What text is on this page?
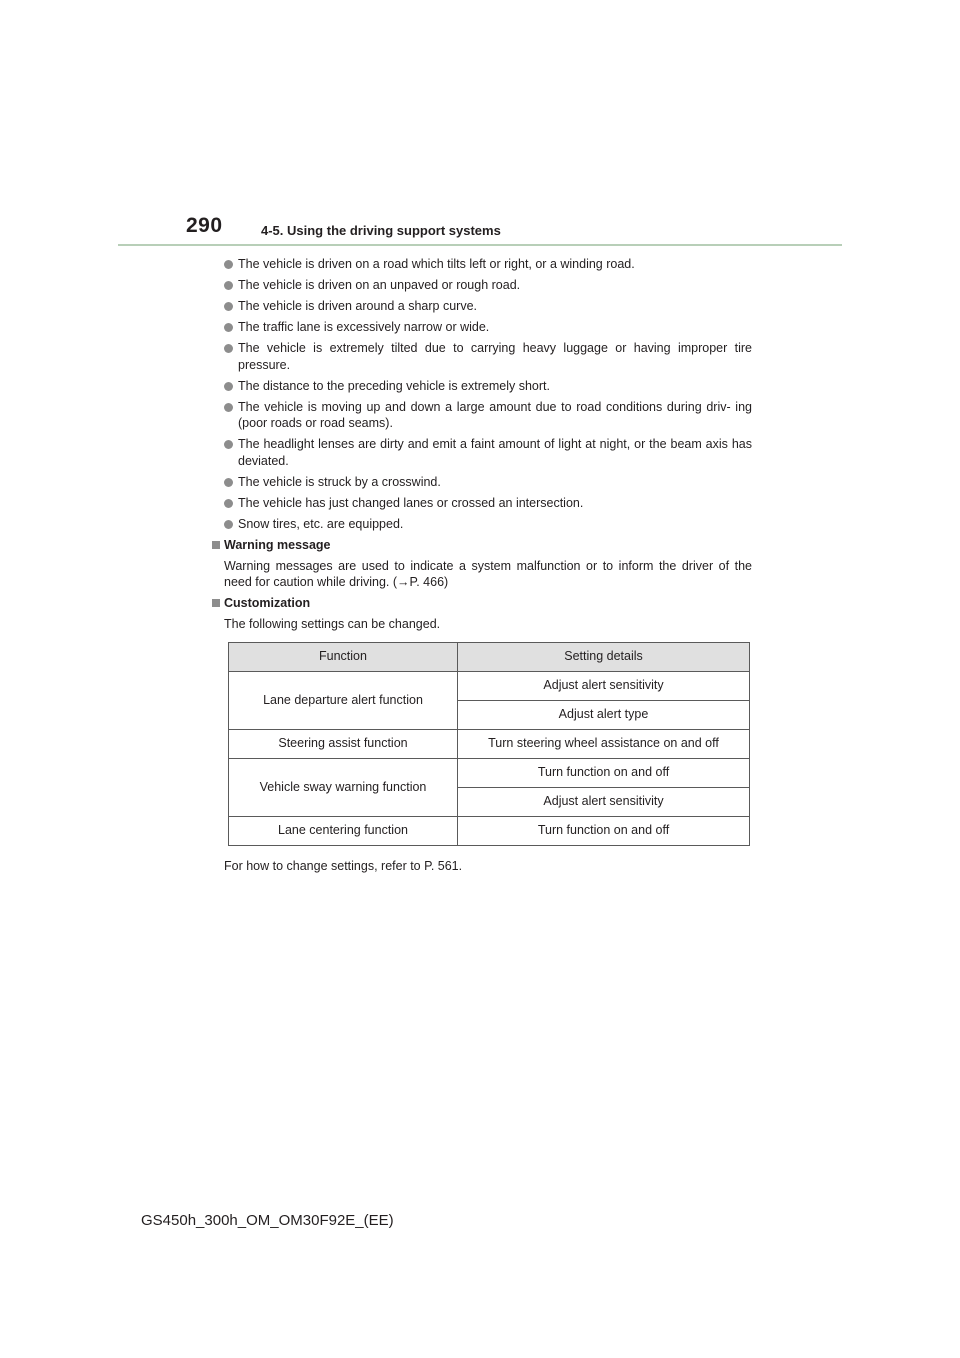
290	4-5. Using the driving support systems
The vehicle is driven on a road which tilts left or right, or a winding road.
The vehicle is driven on an unpaved or rough road.
The vehicle is driven around a sharp curve.
The traffic lane is excessively narrow or wide.
The vehicle is extremely tilted due to carrying heavy luggage or having improper tire pressure.
The distance to the preceding vehicle is extremely short.
The vehicle is moving up and down a large amount due to road conditions during driv- ing (poor roads or road seams).
The headlight lenses are dirty and emit a faint amount of light at night, or the beam axis has deviated.
The vehicle is struck by a crosswind.
The vehicle has just changed lanes or crossed an intersection.
Snow tires, etc. are equipped.
Warning message
Warning messages are used to indicate a system malfunction or to inform the driver of the need for caution while driving. (→P. 466)
Customization
The following settings can be changed.
Function	Setting details
Lane departure alert function	Adjust alert sensitivity
	Adjust alert type
Steering assist function	Turn steering wheel assistance on and off
Vehicle sway warning function	Turn function on and off
	Adjust alert sensitivity
Lane centering function	Turn function on and off
For how to change settings, refer to P. 561.
GS450h_300h_OM_OM30F92E_(EE)
